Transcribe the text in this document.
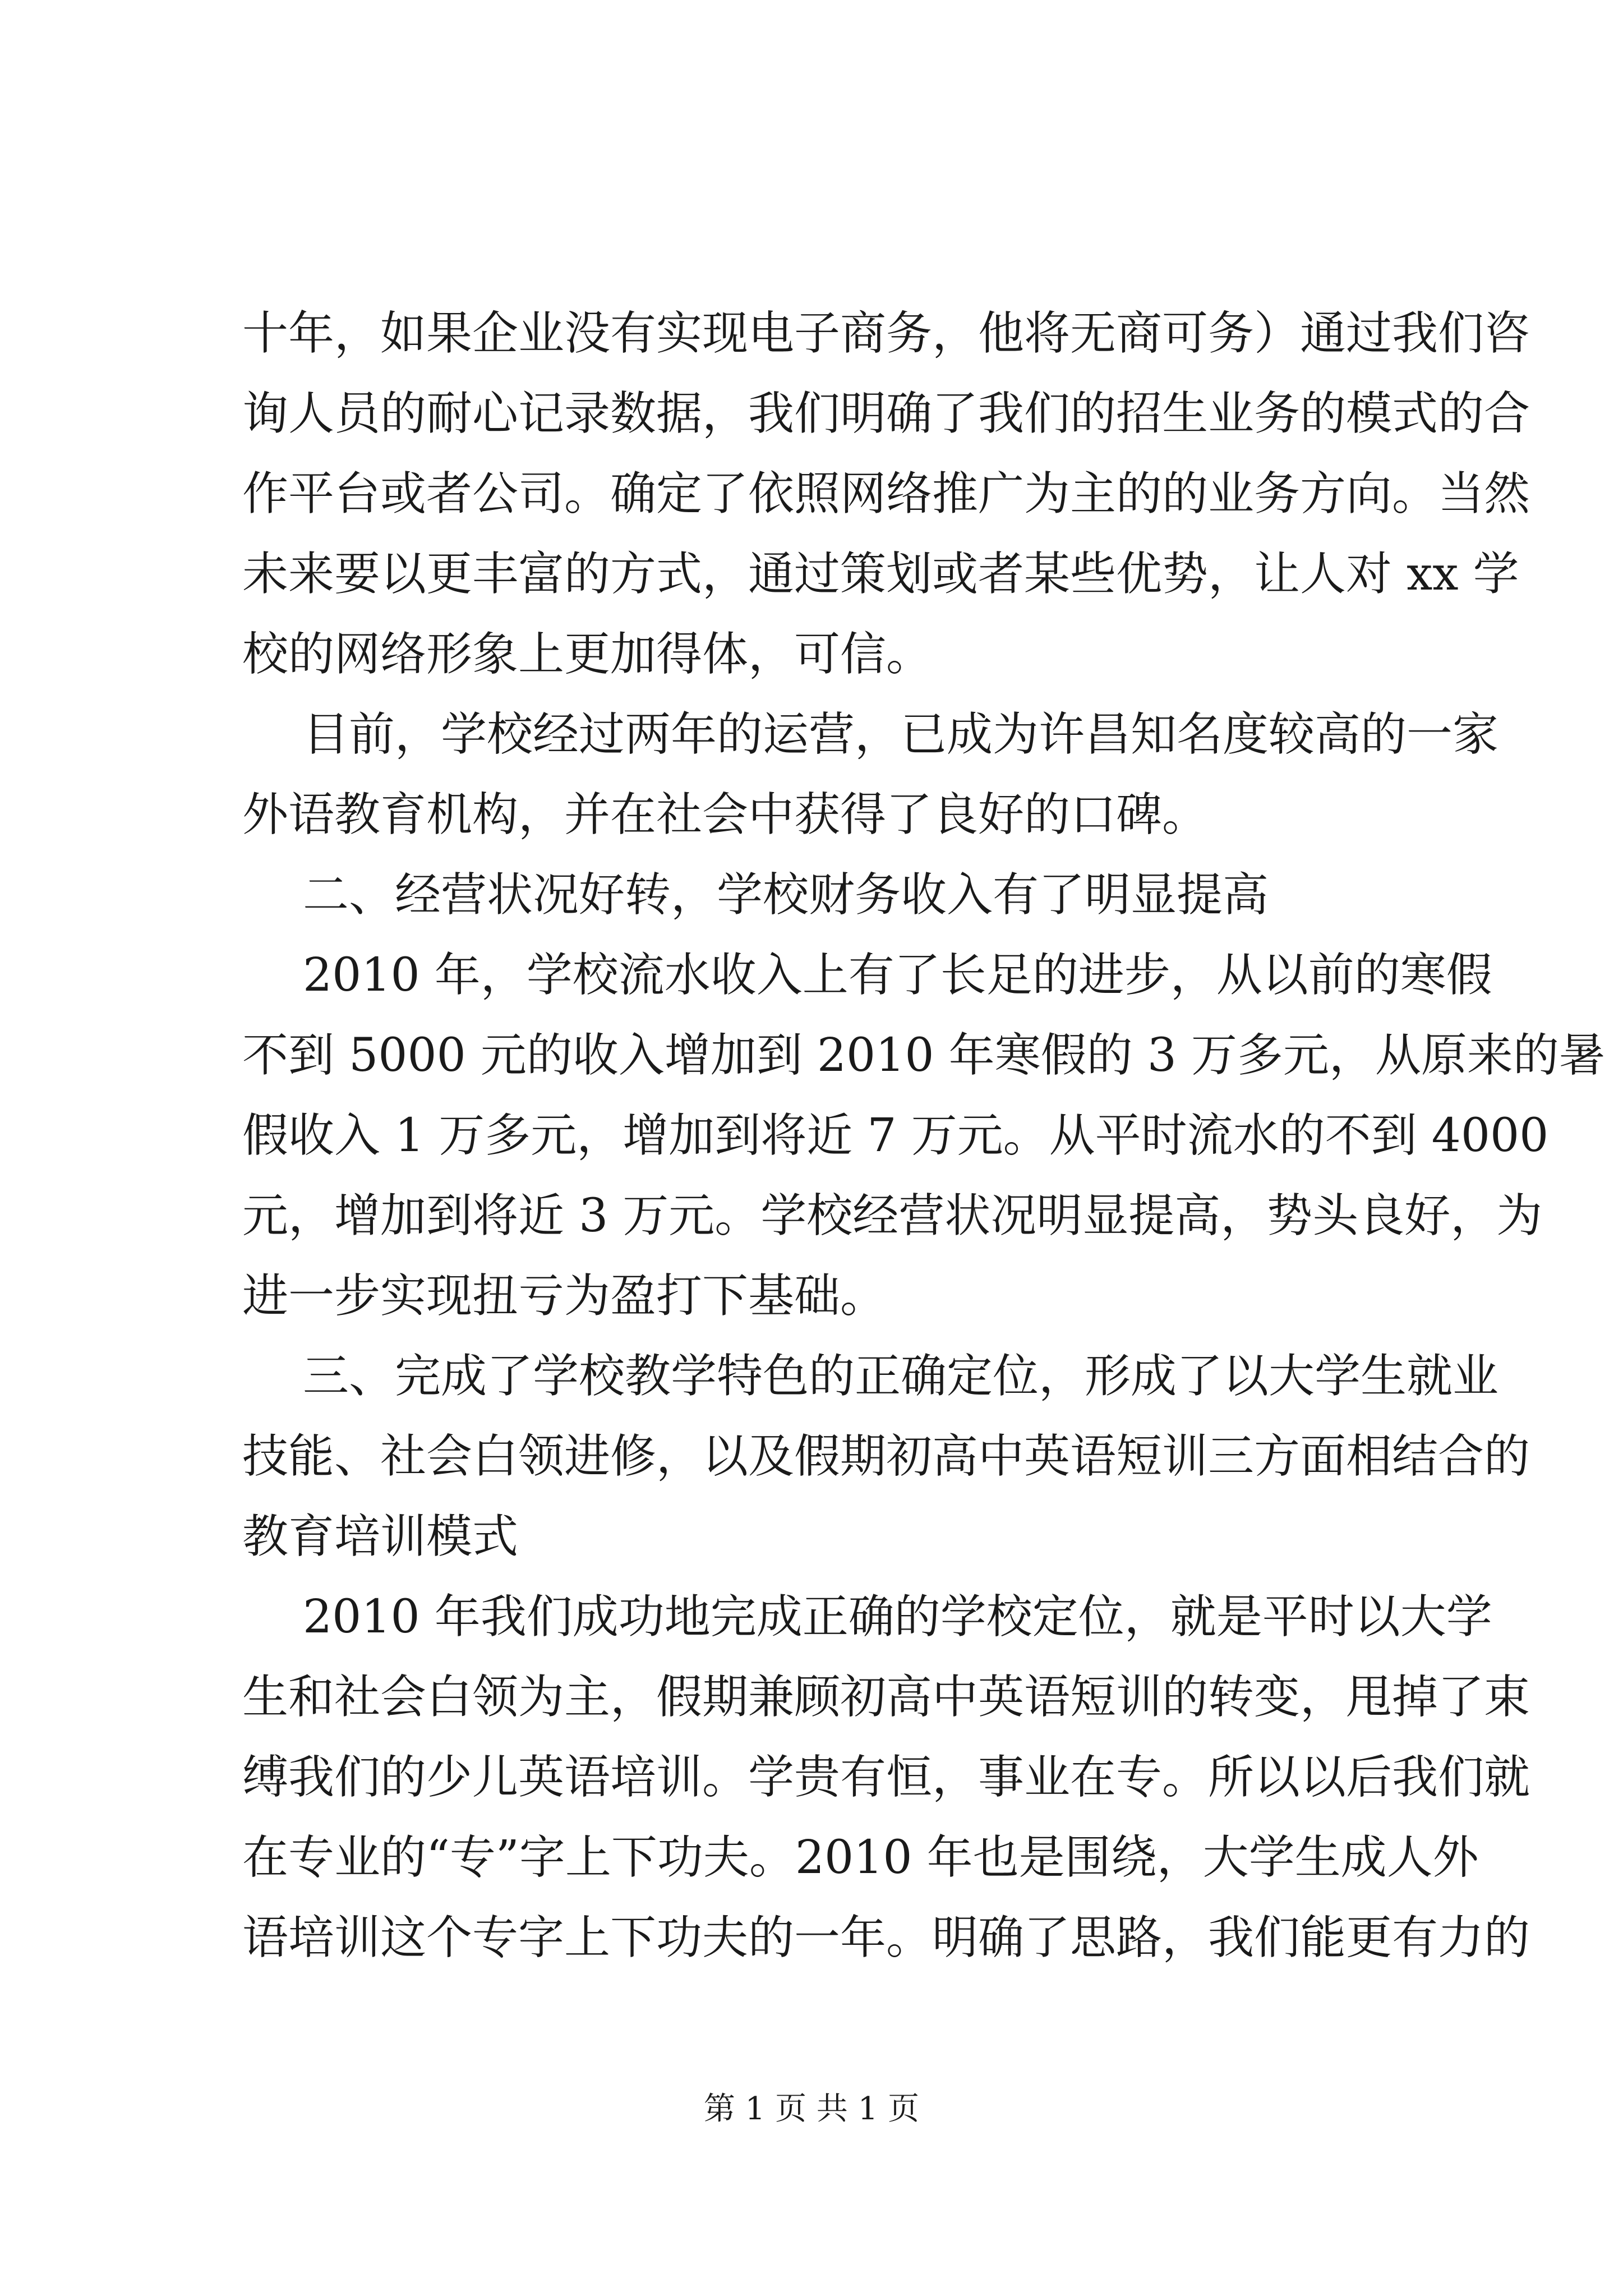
十年，如果企业没有实现电子商务，他将无商可务）通过我们咨
询人员的耐心记录数据，我们明确了我们的招生业务的模式的合
作平台或者公司。确定了依照网络推广为主的的业务方向。当然
未来要以更丰富的方式，通过策划或者某些优势，让人对 xx 学
校的网络形象上更加得体，可信。
目前，学校经过两年的运营，已成为许昌知名度较高的一家
外语教育机构，并在社会中获得了良好的口碑。
二、经营状况好转，学校财务收入有了明显提高
2010 年，学校流水收入上有了长足的进步，从以前的寒假
不到 5000 元的收入增加到 2010 年寒假的 3 万多元，从原来的暑
假收入 1 万多元，增加到将近 7 万元。从平时流水的不到 4000
元，增加到将近 3 万元。学校经营状况明显提高，势头良好，为
进一步实现扭亏为盈打下基础。
三、完成了学校教学特色的正确定位，形成了以大学生就业
技能、社会白领进修，以及假期初高中英语短训三方面相结合的
教育培训模式
2010 年我们成功地完成正确的学校定位，就是平时以大学
生和社会白领为主，假期兼顾初高中英语短训的转变，甩掉了束
缚我们的少儿英语培训。学贵有恒，事业在专。所以以后我们就
在专业的“专”字上下功夫。2010 年也是围绕，大学生成人外
语培训这个专字上下功夫的一年。明确了思路，我们能更有力的
第 1 页 共 1 页
